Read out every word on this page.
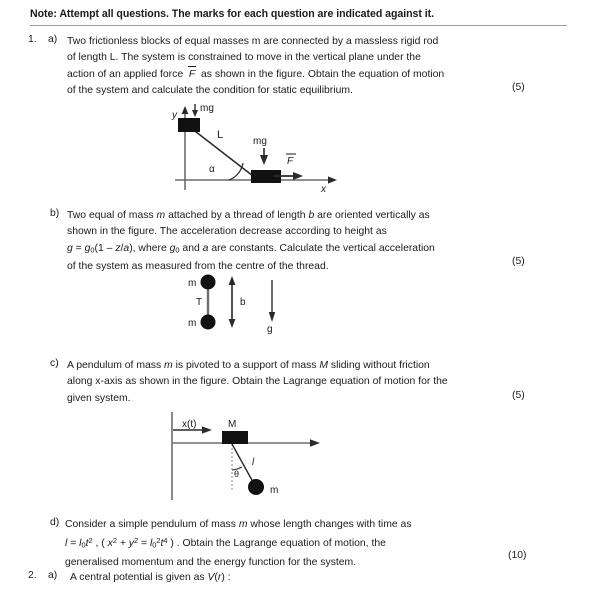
Note: Attempt all questions. The marks for each question are indicated against it.
1. a) Two frictionless blocks of equal masses m are connected by a massless rigid rod
of length L. The system is constrained to move in the vertical plane under the
action of an applied force  F  as shown in the figure. Obtain the equation of motion
of the system and calculate the condition for static equilibrium.	(5)
y
x
mg
mg
L
α
F
b) Two equal of mass m attached by a thread of length b are oriented vertically as
shown in the figure. The acceleration decrease according to height as
$g = g_0(1 - z/a)$, where $g_0$ and a are constants. Calculate the vertical acceleration
of the system as measured from the centre of the thread.	(5)
m
m
T	b
g
c) A pendulum of mass m is pivoted to a support of mass M sliding without friction
along x-axis as shown in the figure. Obtain the Lagrange equation of motion for the
given system.	(5)
x(t)	M
l
θ
m
d) Consider a simple pendulum of mass m whose length changes with time as
$l = l_0t^2$ , ( $x^2 + y^2 = l_0^2t^4$ ) . Obtain the Lagrange equation of motion, the
generalised momentum and the energy function for the system.
(10)
2. a) A central potential is given as V(r) :
